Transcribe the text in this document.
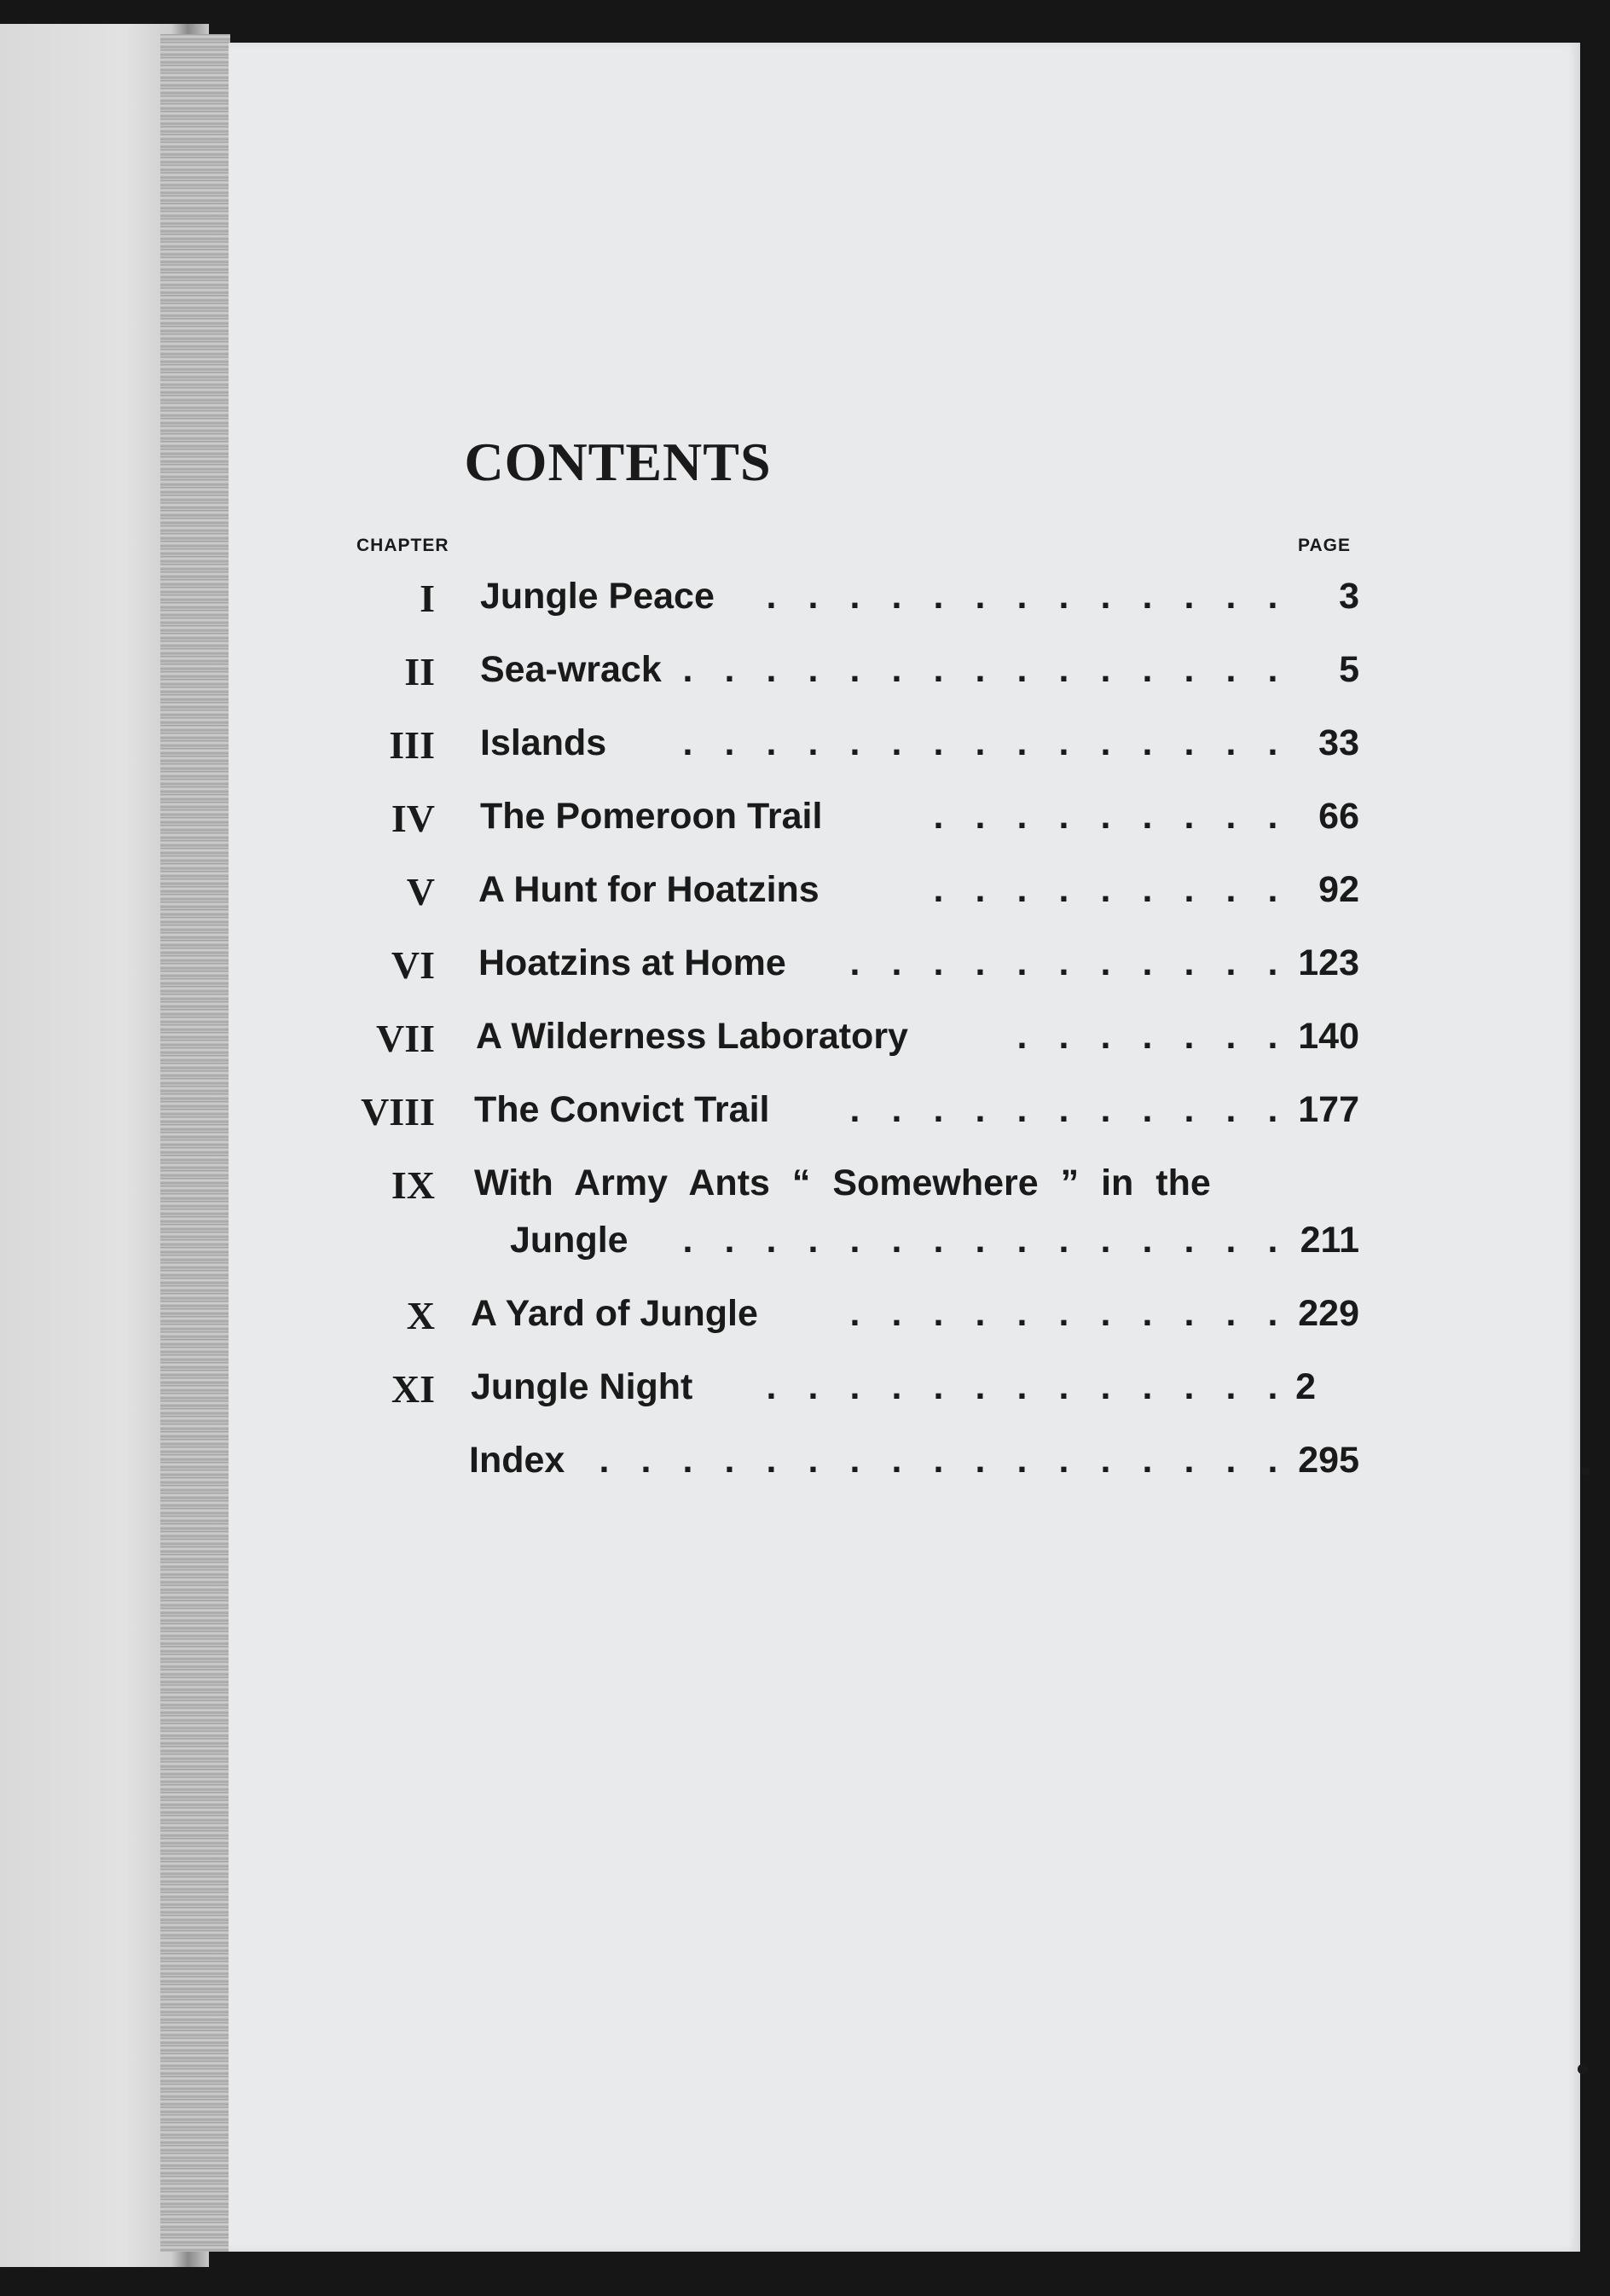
CONTENTS
CHAPTER	PAGE
I Jungle Peace	. . . . . . . . . . . . .	3
II Sea-wrack . . . . . . . . . . . . . . .	5
III Islands	. . . . . . . . . . . . . . .	33
IV The Pomeroon Trail	. . . . . . . . .	66
V A Hunt for Hoatzins	. . . . . . . . .	92
VI Hoatzins at Home	. . . . . . . . . . . 123
VII A Wilderness Laboratory	. . . . . . . 140
VIII The Convict Trail	. . . . . . . . . . . 177
IX With Army Ants “ Somewhere ” in the
Jungle	. . . . . . . . . . . . . . . 211
X A Yard of Jungle	. . . . . . . . . . . 229
XI Jungle Night	. . . . . . . . . . . . . 2
Index . . . . . . . . . . . . . . . . . 295
